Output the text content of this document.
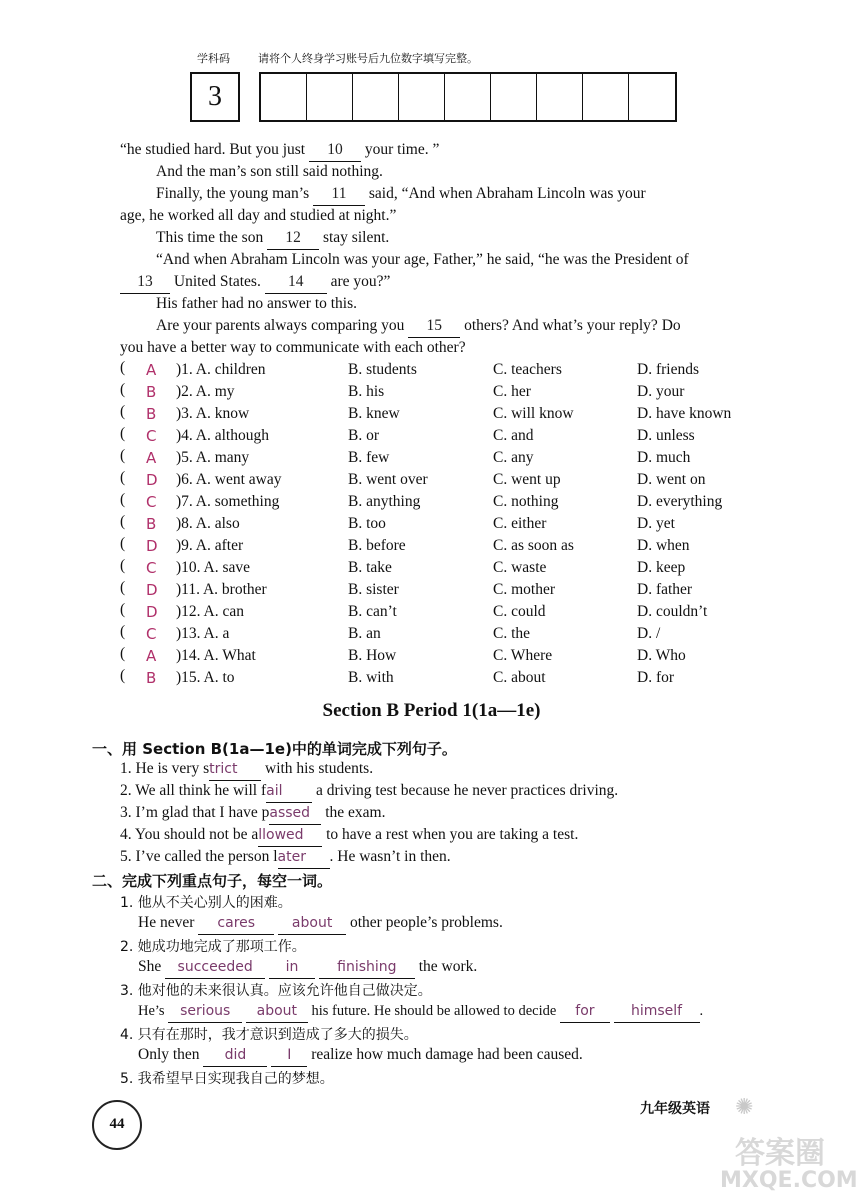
学科码	请将个人终身学习账号后九位数字填写完整。
3
“he studied hard. But you just 10 your time. ”
And the man’s son still said nothing.
Finally, the young man’s 11 said, “And when Abraham Lincoln was your
age, he worked all day and studied at night.”
This time the son 12 stay silent.
“And when Abraham Lincoln was your age, Father,” he said, “he was the President of
13 United States. 14 are you?”
His father had no answer to this.
Are your parents always comparing you 15 others? And what’s your reply? Do
you have a better way to communicate with each other?
( A )1. A. children	B. students	C. teachers	D. friends
( B )2. A. my	B. his	C. her	D. your
( B )3. A. know	B. knew	C. will know	D. have known
( C )4. A. although	B. or	C. and	D. unless
( A )5. A. many	B. few	C. any	D. much
( D )6. A. went away	B. went over	C. went up	D. went on
( C )7. A. something	B. anything	C. nothing	D. everything
( B )8. A. also	B. too	C. either	D. yet
( D )9. A. after	B. before	C. as soon as	D. when
( C )10. A. save	B. take	C. waste	D. keep
( D )11. A. brother	B. sister	C. mother	D. father
( D )12. A. can	B. can’t	C. could	D. couldn’t
( C )13. A. a	B. an	C. the	D. /
( A )14. A. What	B. How	C. Where	D. Who
( B )15. A. to	B. with	C. about	D. for
Section B Period 1(1a—1e)
一、用 Section B(1a—1e)中的单词完成下列句子。
1. He is very strict with his students.
2. We all think he will fail a driving test because he never practices driving.
3. I’m glad that I have passed the exam.
4. You should not be allowed to have a rest when you are taking a test.
5. I’ve called the person later . He wasn’t in then.
二、完成下列重点句子，每空一词。
1. 他从不关心别人的困难。
He never cares	about other people’s problems.
2. 她成功地完成了那项工作。
She succeeded in	finishing the work.
3. 他对他的未来很认真。应该允许他自己做决定。
He’s serious about his future. He should be allowed to decide for	himself .
4. 只有在那时，我才意识到造成了多大的损失。
Only then did	I realize how much damage had been caused.
5. 我希望早日实现我自己的梦想。
44
九年级英语 ✺
答案圈
MXQE.COM
